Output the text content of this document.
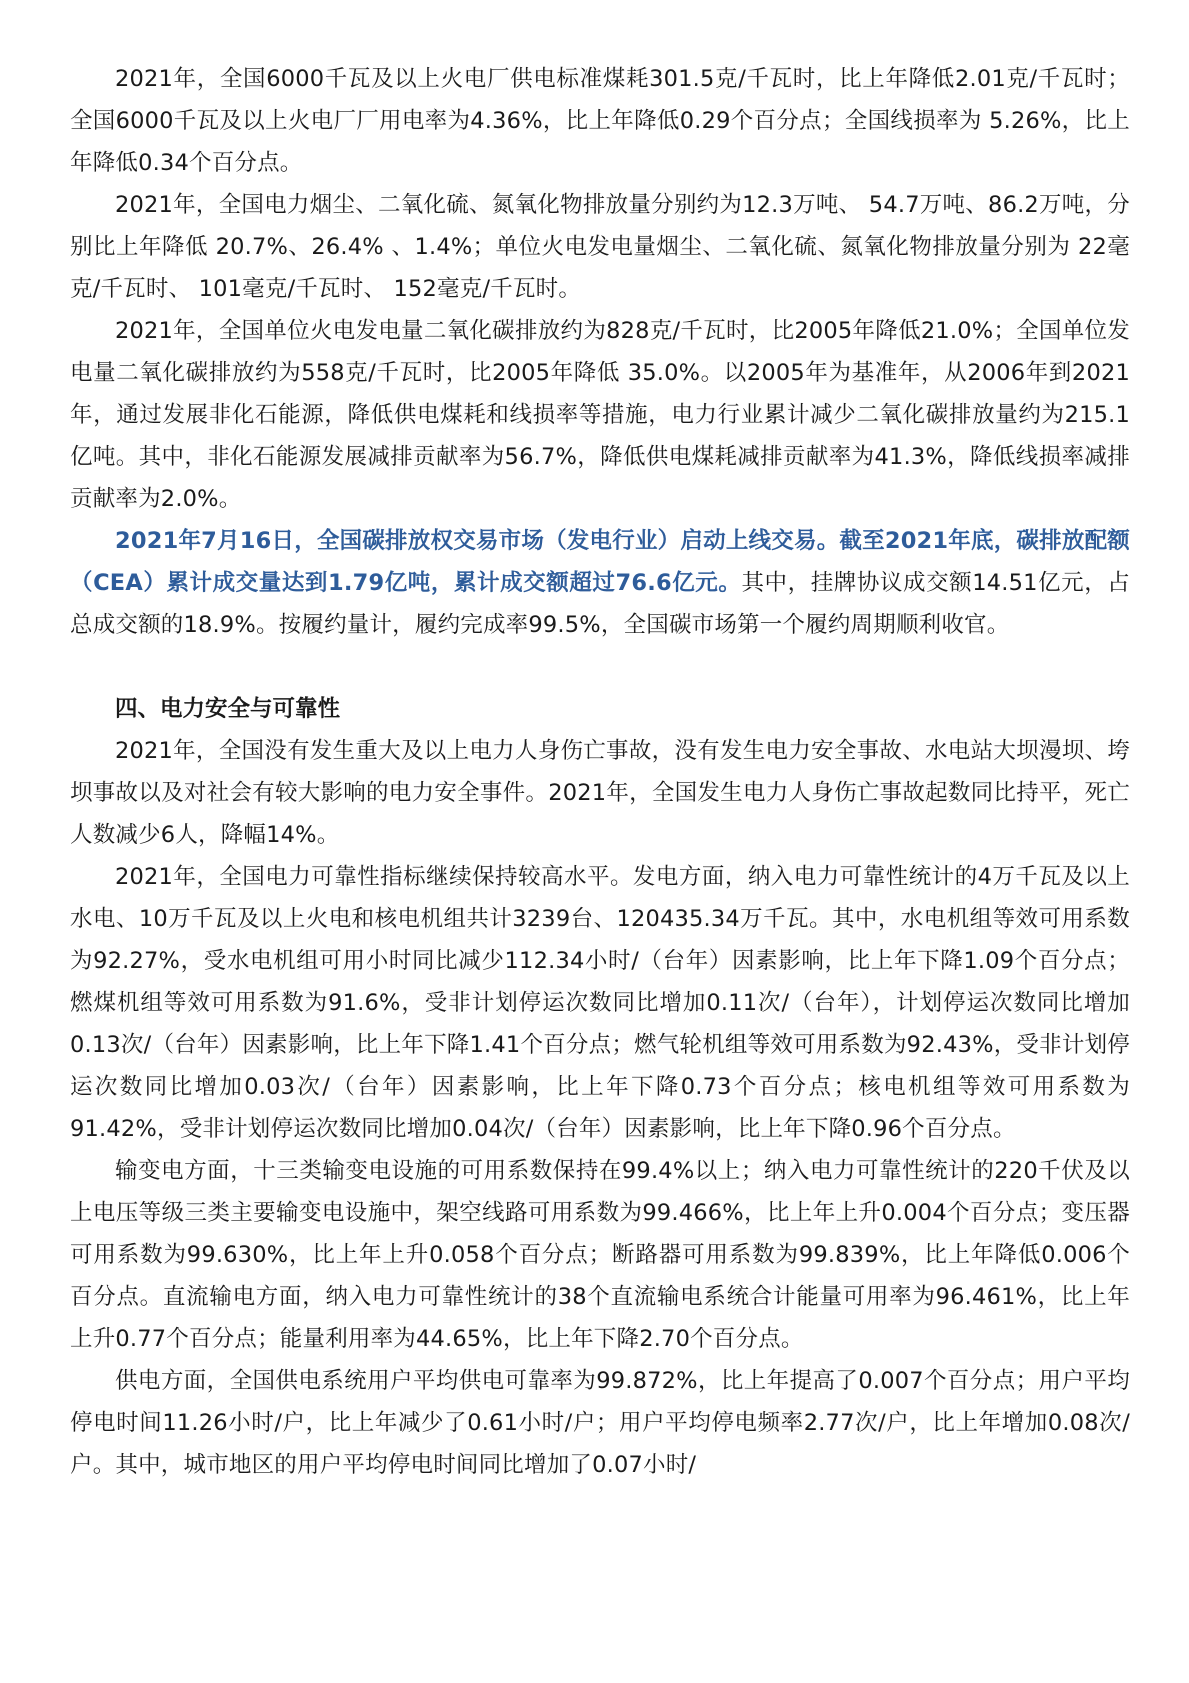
2021年，全国6000千瓦及以上火电厂供电标准煤耗301.5克/千瓦时，比上年降低2.01克/千瓦时；全国6000千瓦及以上火电厂厂用电率为4.36%，比上年降低0.29个百分点；全国线损率为 5.26%，比上年降低0.34个百分点。

2021年，全国电力烟尘、二氧化硫、氮氧化物排放量分别约为12.3万吨、 54.7万吨、86.2万吨，分别比上年降低 20.7%、26.4% 、1.4%；单位火电发电量烟尘、二氧化硫、氮氧化物排放量分别为 22毫克/千瓦时、 101毫克/千瓦时、 152毫克/千瓦时。

2021年，全国单位火电发电量二氧化碳排放约为828克/千瓦时，比2005年降低21.0%；全国单位发电量二氧化碳排放约为558克/千瓦时，比2005年降低 35.0%。以2005年为基准年，从2006年到2021年，通过发展非化石能源，降低供电煤耗和线损率等措施，电力行业累计减少二氧化碳排放量约为215.1亿吨。其中，非化石能源发展减排贡献率为56.7%，降低供电煤耗减排贡献率为41.3%，降低线损率减排贡献率为2.0%。

2021年7月16日，全国碳排放权交易市场（发电行业）启动上线交易。截至2021年底，碳排放配额（CEA）累计成交量达到1.79亿吨，累计成交额超过76.6亿元。其中，挂牌协议成交额14.51亿元，占总成交额的18.9%。按履约量计，履约完成率99.5%，全国碳市场第一个履约周期顺利收官。

四、电力安全与可靠性

2021年，全国没有发生重大及以上电力人身伤亡事故，没有发生电力安全事故、水电站大坝漫坝、垮坝事故以及对社会有较大影响的电力安全事件。2021年，全国发生电力人身伤亡事故起数同比持平，死亡人数减少6人，降幅14%。

2021年，全国电力可靠性指标继续保持较高水平。发电方面，纳入电力可靠性统计的4万千瓦及以上水电、10万千瓦及以上火电和核电机组共计3239台、120435.34万千瓦。其中，水电机组等效可用系数为92.27%，受水电机组可用小时同比减少112.34小时/（台年）因素影响，比上年下降1.09个百分点；燃煤机组等效可用系数为91.6%，受非计划停运次数同比增加0.11次/（台年），计划停运次数同比增加0.13次/（台年）因素影响，比上年下降1.41个百分点；燃气轮机组等效可用系数为92.43%，受非计划停运次数同比增加0.03次/（台年）因素影响，比上年下降0.73个百分点；核电机组等效可用系数为91.42%，受非计划停运次数同比增加0.04次/（台年）因素影响，比上年下降0.96个百分点。

输变电方面，十三类输变电设施的可用系数保持在99.4%以上；纳入电力可靠性统计的220千伏及以上电压等级三类主要输变电设施中，架空线路可用系数为99.466%，比上年上升0.004个百分点；变压器可用系数为99.630%，比上年上升0.058个百分点；断路器可用系数为99.839%，比上年降低0.006个百分点。直流输电方面，纳入电力可靠性统计的38个直流输电系统合计能量可用率为96.461%，比上年上升0.77个百分点；能量利用率为44.65%，比上年下降2.70个百分点。

供电方面，全国供电系统用户平均供电可靠率为99.872%，比上年提高了0.007个百分点；用户平均停电时间11.26小时/户，比上年减少了0.61小时/户；用户平均停电频率2.77次/户，比上年增加0.08次/户。其中，城市地区的用户平均停电时间同比增加了0.07小时/
